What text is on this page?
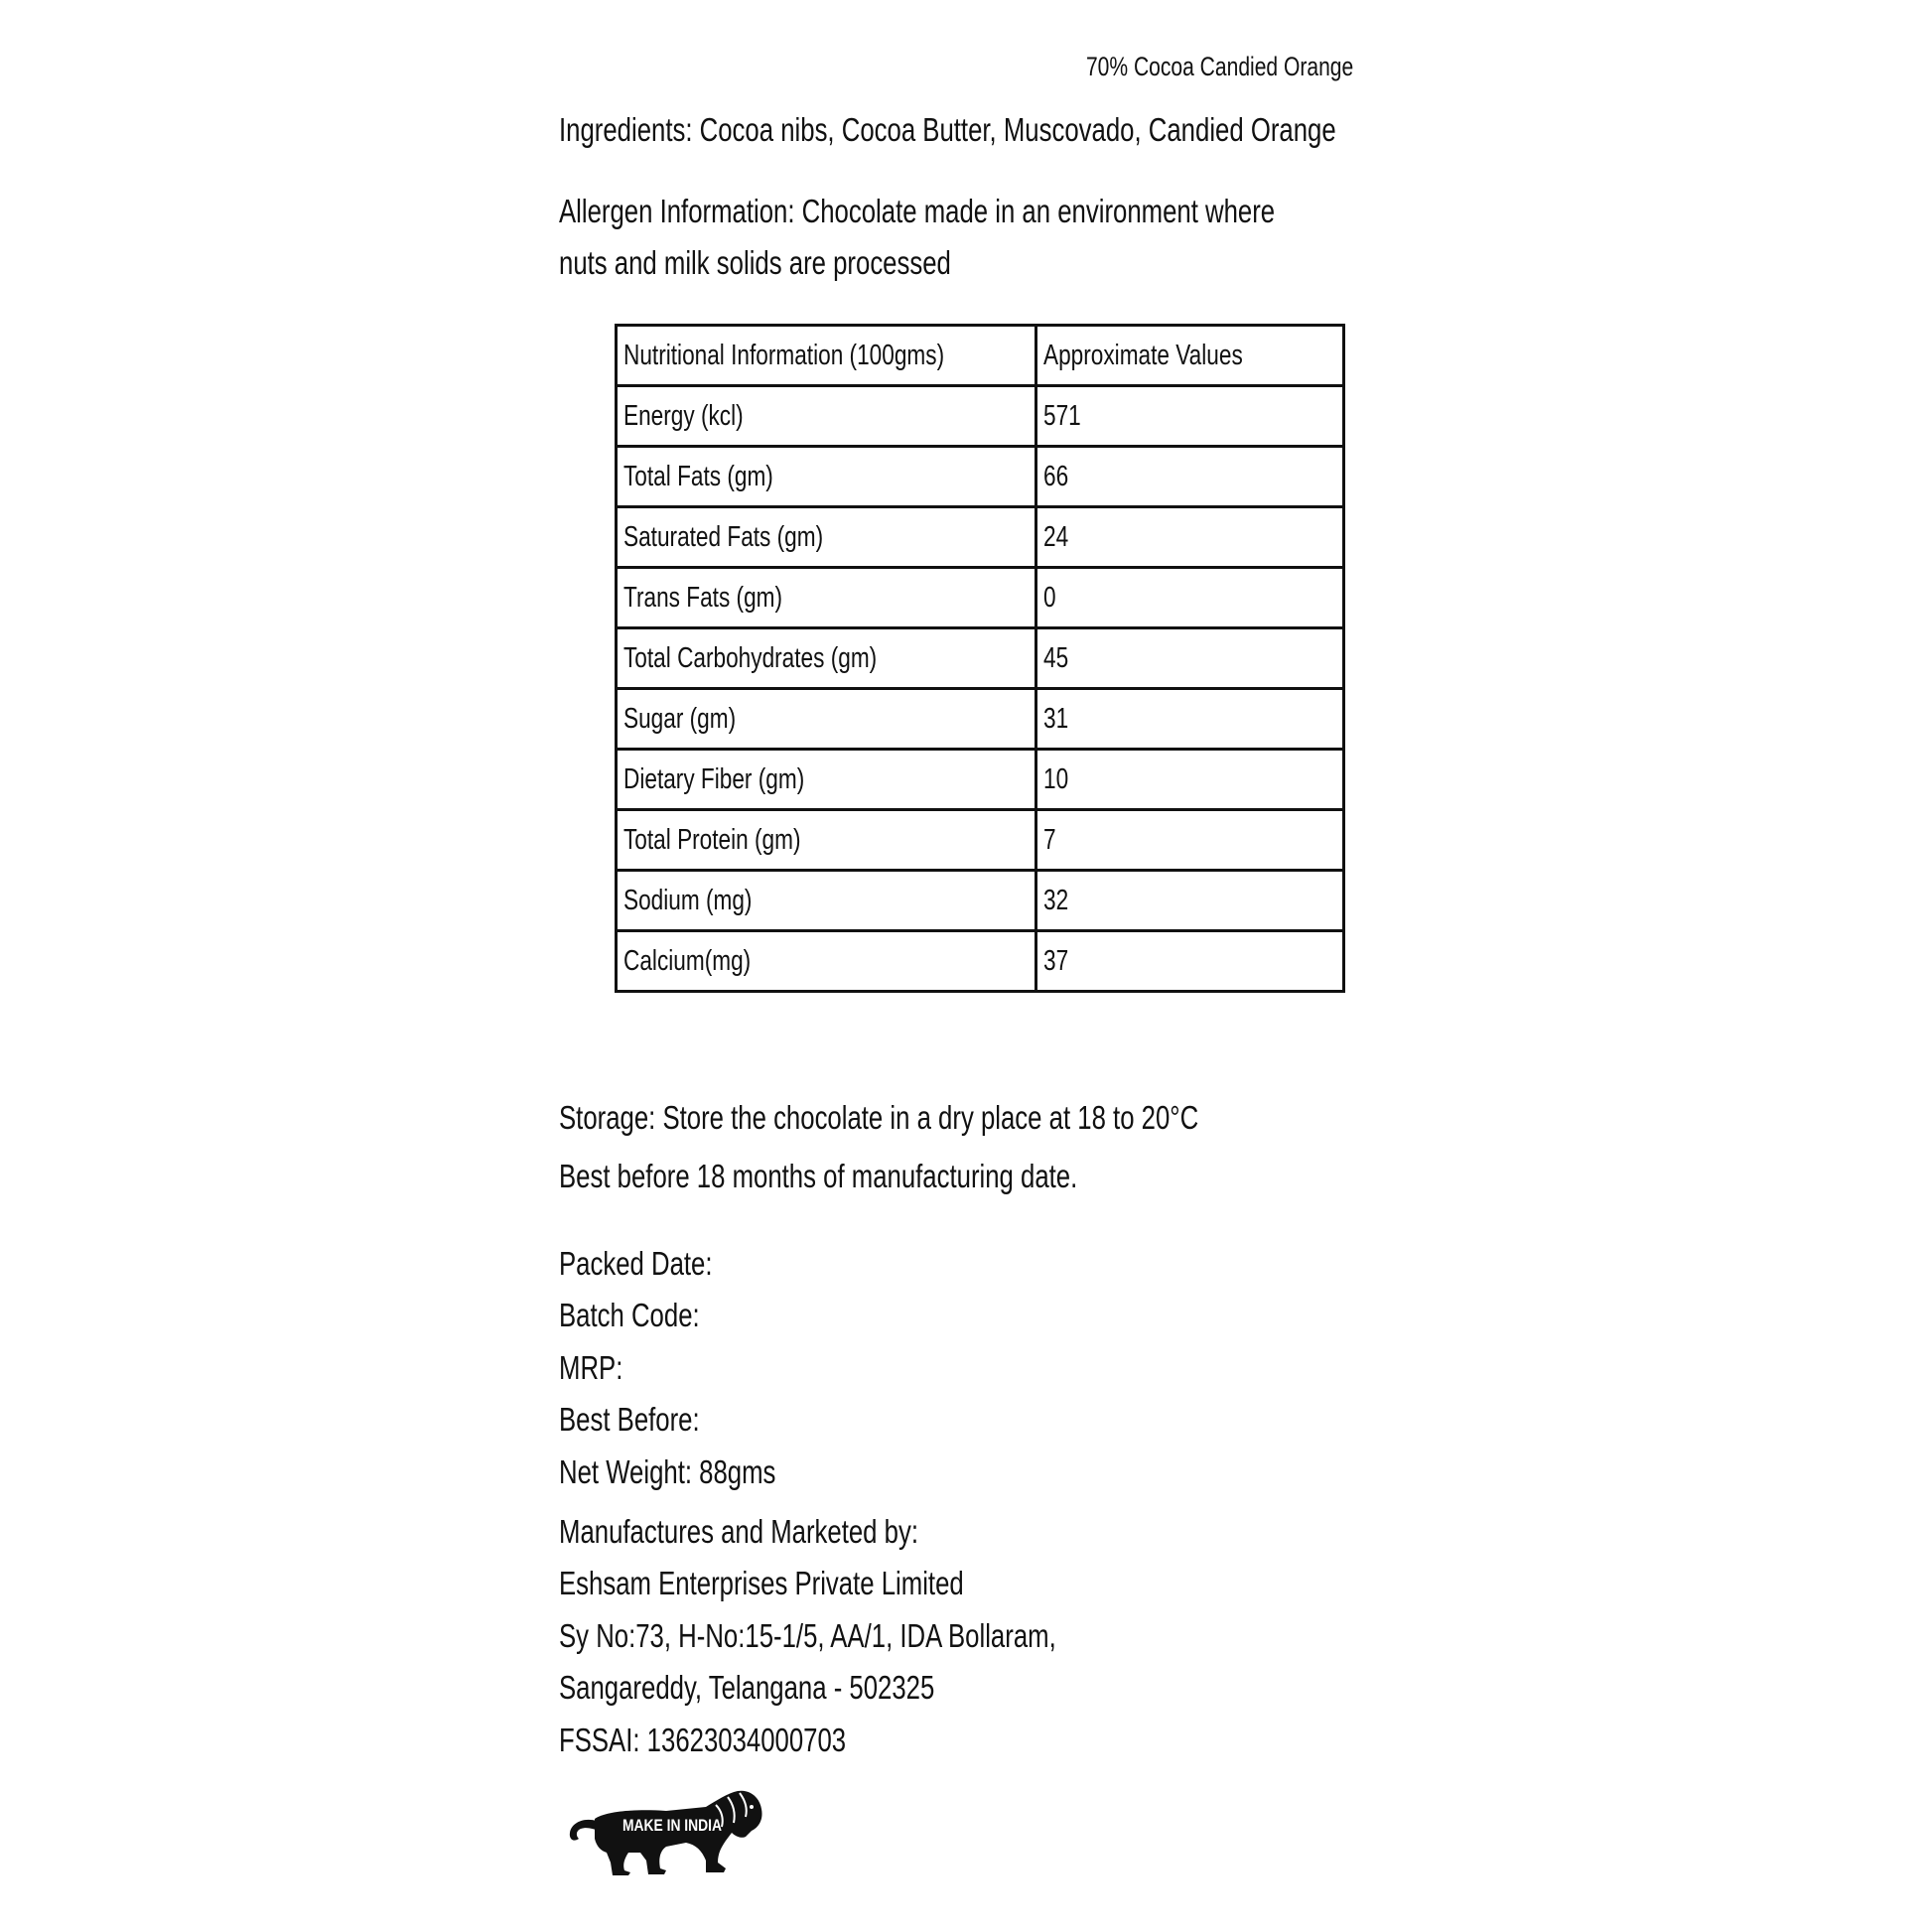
70% Cocoa Candied Orange
Ingredients: Cocoa nibs, Cocoa Butter, Muscovado, Candied Orange
Allergen Information: Chocolate made in an environment where
nuts and milk solids are processed
Nutritional Information (100gms)	Approximate Values
Energy (kcl)	571
Total Fats (gm)	66
Saturated Fats (gm)	24
Trans Fats (gm)	0
Total Carbohydrates (gm)	45
Sugar (gm)	31
Dietary Fiber (gm)	10
Total Protein (gm)	7
Sodium (mg)	32
Calcium(mg)	37
Storage: Store the chocolate in a dry place at 18 to 20°C
Best before 18 months of manufacturing date.
Packed Date:
Batch Code:
MRP:
Best Before:
Net Weight: 88gms
Manufactures and Marketed by:
Eshsam Enterprises Private Limited
Sy No:73, H-No:15-1/5, AA/1, IDA Bollaram,
Sangareddy, Telangana - 502325
FSSAI: 13623034000703
MAKE IN INDIA
